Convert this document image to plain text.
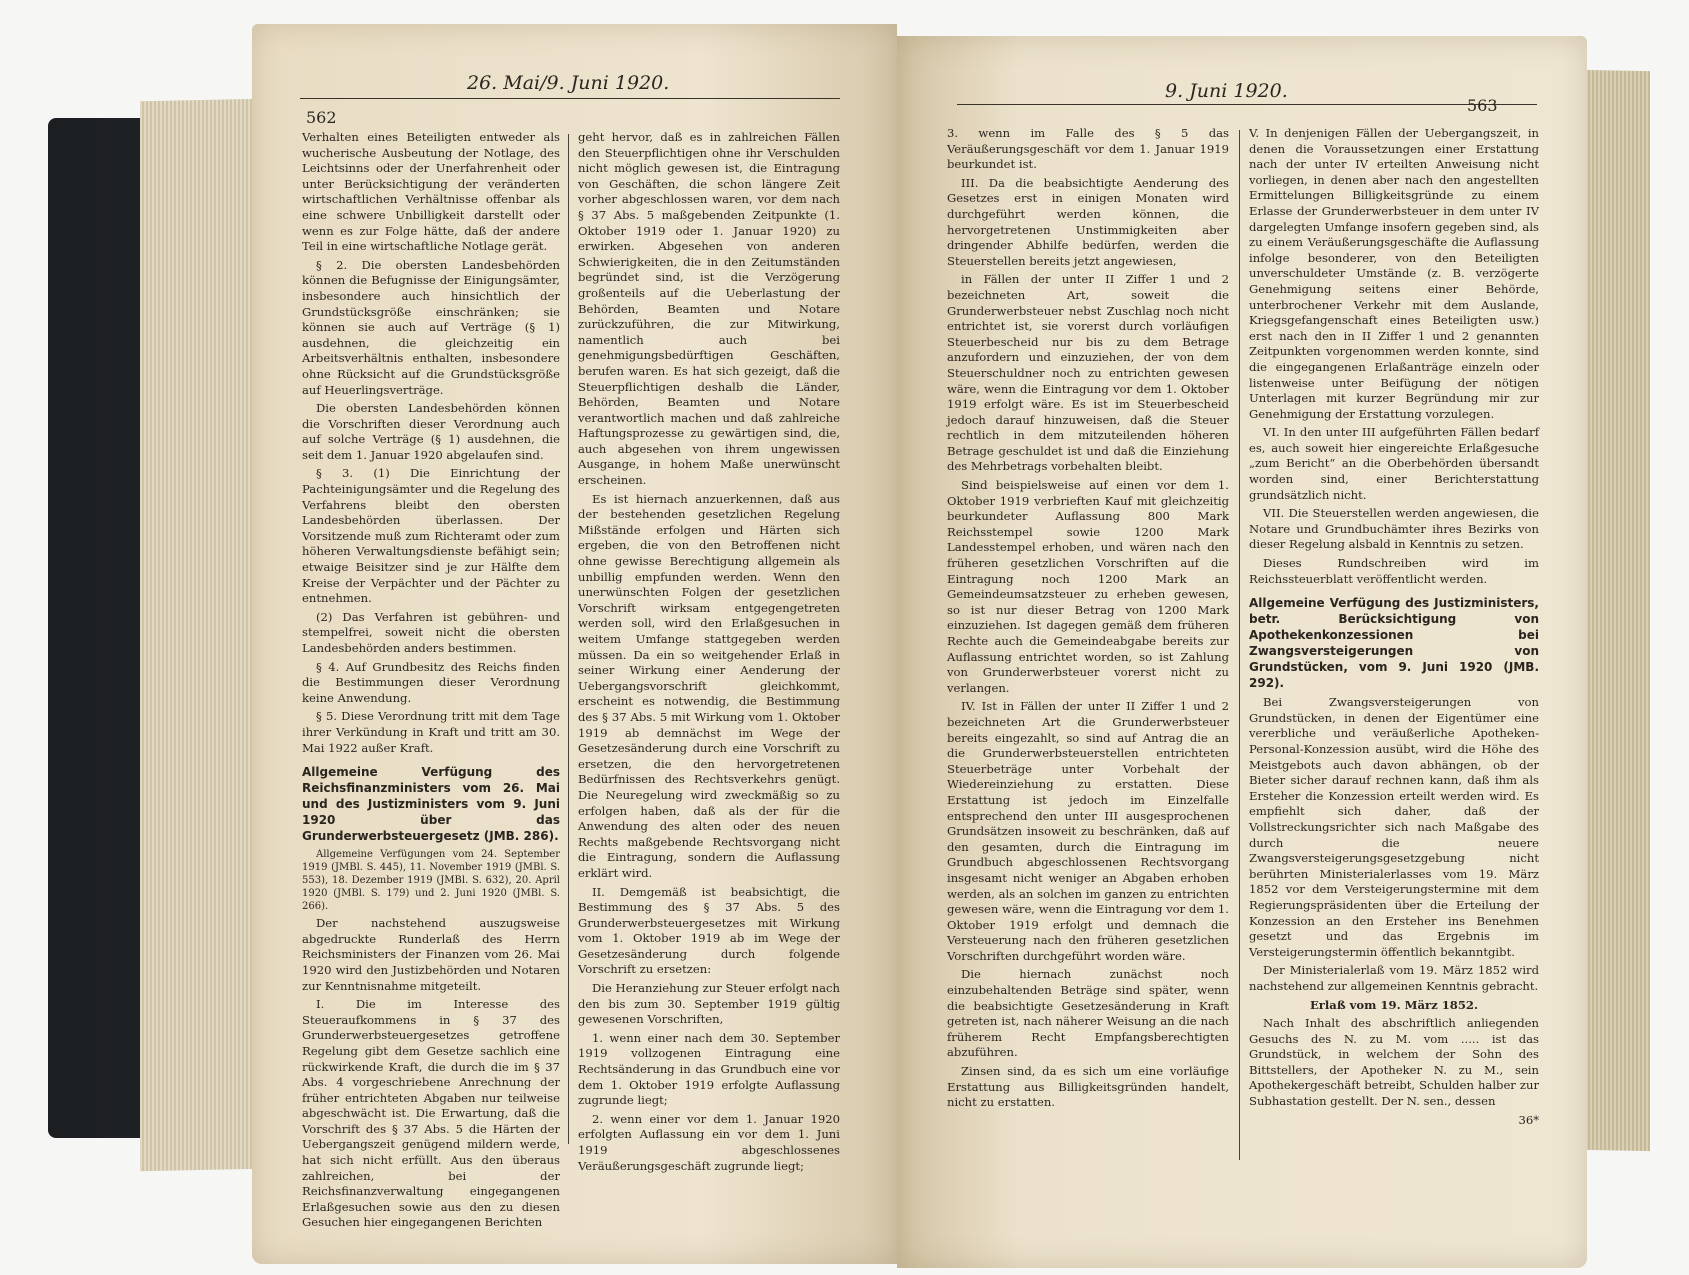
26. Mai/9. Juni 1920.
562

Verhalten eines Beteiligten entweder als wucherische Ausbeutung der Notlage, des Leichtsinns oder der Unerfahrenheit oder unter Berücksichtigung der veränderten wirtschaftlichen Verhältnisse offenbar als eine schwere Unbilligkeit darstellt oder wenn es zur Folge hätte, daß der andere Teil in eine wirtschaftliche Notlage gerät.

§ 2. Die obersten Landesbehörden können die Befugnisse der Einigungsämter, insbesondere auch hinsichtlich der Grundstücksgröße einschränken; sie können sie auch auf Verträge (§ 1) ausdehnen, die gleichzeitig ein Arbeitsverhältnis enthalten, insbesondere ohne Rücksicht auf die Grundstücksgröße auf Heuerlingsverträge.

Die obersten Landesbehörden können die Vorschriften dieser Verordnung auch auf solche Verträge (§ 1) ausdehnen, die seit dem 1. Januar 1920 abgelaufen sind.

§ 3. (1) Die Einrichtung der Pachteinigungsämter und die Regelung des Verfahrens bleibt den obersten Landesbehörden überlassen. Der Vorsitzende muß zum Richteramt oder zum höheren Verwaltungsdienste befähigt sein; etwaige Beisitzer sind je zur Hälfte dem Kreise der Verpächter und der Pächter zu entnehmen.

(2) Das Verfahren ist gebühren- und stempelfrei, soweit nicht die obersten Landesbehörden anders bestimmen.

§ 4. Auf Grundbesitz des Reichs finden die Bestimmungen dieser Verordnung keine Anwendung.

§ 5. Diese Verordnung tritt mit dem Tage ihrer Verkündung in Kraft und tritt am 30. Mai 1922 außer Kraft.

Allgemeine Verfügung des Reichsfinanzministers vom 26. Mai und des Justizministers vom 9. Juni 1920 über das Grunderwerbsteuergesetz (JMB. 286).

Allgemeine Verfügungen vom 24. September 1919 (JMBl. S. 445), 11. November 1919 (JMBl. S. 553), 18. Dezember 1919 (JMBl. S. 632), 20. April 1920 (JMBl. S. 179) und 2. Juni 1920 (JMBl. S. 266).

Der nachstehend auszugsweise abgedruckte Runderlaß des Herrn Reichsministers der Finanzen vom 26. Mai 1920 wird den Justizbehörden und Notaren zur Kenntnisnahme mitgeteilt.

I. Die im Interesse des Steueraufkommens in § 37 des Grunderwerbsteuergesetzes getroffene Regelung gibt dem Gesetze sachlich eine rückwirkende Kraft, die durch die im § 37 Abs. 4 vorgeschriebene Anrechnung der früher entrichteten Abgaben nur teilweise abgeschwächt ist. Die Erwartung, daß die Vorschrift des § 37 Abs. 5 die Härten der Uebergangszeit genügend mildern werde, hat sich nicht erfüllt. Aus den überaus zahlreichen, bei der Reichsfinanzverwaltung eingegangenen Erlaßgesuchen sowie aus den zu diesen Gesuchen hier eingegangenen Berichten

geht hervor, daß es in zahlreichen Fällen den Steuerpflichtigen ohne ihr Verschulden nicht möglich gewesen ist, die Eintragung von Geschäften, die schon längere Zeit vorher abgeschlossen waren, vor dem nach § 37 Abs. 5 maßgebenden Zeitpunkte (1. Oktober 1919 oder 1. Januar 1920) zu erwirken. Abgesehen von anderen Schwierigkeiten, die in den Zeitumständen begründet sind, ist die Verzögerung großenteils auf die Ueberlastung der Behörden, Beamten und Notare zurückzuführen, die zur Mitwirkung, namentlich auch bei genehmigungsbedürftigen Geschäften, berufen waren. Es hat sich gezeigt, daß die Steuerpflichtigen deshalb die Länder, Behörden, Beamten und Notare verantwortlich machen und daß zahlreiche Haftungsprozesse zu gewärtigen sind, die, auch abgesehen von ihrem ungewissen Ausgange, in hohem Maße unerwünscht erscheinen.

Es ist hiernach anzuerkennen, daß aus der bestehenden gesetzlichen Regelung Mißstände erfolgen und Härten sich ergeben, die von den Betroffenen nicht ohne gewisse Berechtigung allgemein als unbillig empfunden werden. Wenn den unerwünschten Folgen der gesetzlichen Vorschrift wirksam entgegengetreten werden soll, wird den Erlaßgesuchen in weitem Umfange stattgegeben werden müssen. Da ein so weitgehender Erlaß in seiner Wirkung einer Aenderung der Uebergangsvorschrift gleichkommt, erscheint es notwendig, die Bestimmung des § 37 Abs. 5 mit Wirkung vom 1. Oktober 1919 ab demnächst im Wege der Gesetzesänderung durch eine Vorschrift zu ersetzen, die den hervorgetretenen Bedürfnissen des Rechtsverkehrs genügt. Die Neuregelung wird zweckmäßig so zu erfolgen haben, daß als der für die Anwendung des alten oder des neuen Rechts maßgebende Rechtsvorgang nicht die Eintragung, sondern die Auflassung erklärt wird.

II. Demgemäß ist beabsichtigt, die Bestimmung des § 37 Abs. 5 des Grunderwerbsteuergesetzes mit Wirkung vom 1. Oktober 1919 ab im Wege der Gesetzesänderung durch folgende Vorschrift zu ersetzen:

Die Heranziehung zur Steuer erfolgt nach den bis zum 30. September 1919 gültig gewesenen Vorschriften,

1. wenn einer nach dem 30. September 1919 vollzogenen Eintragung eine Rechtsänderung in das Grundbuch eine vor dem 1. Oktober 1919 erfolgte Auflassung zugrunde liegt;

2. wenn einer vor dem 1. Januar 1920 erfolgten Auflassung ein vor dem 1. Juni 1919 abgeschlossenes Veräußerungsgeschäft zugrunde liegt;

9. Juni 1920.
563

3. wenn im Falle des § 5 das Veräußerungsgeschäft vor dem 1. Januar 1919 beurkundet ist.

III. Da die beabsichtigte Aenderung des Gesetzes erst in einigen Monaten wird durchgeführt werden können, die hervorgetretenen Unstimmigkeiten aber dringender Abhilfe bedürfen, werden die Steuerstellen bereits jetzt angewiesen,

in Fällen der unter II Ziffer 1 und 2 bezeichneten Art, soweit die Grunderwerbsteuer nebst Zuschlag noch nicht entrichtet ist, sie vorerst durch vorläufigen Steuerbescheid nur bis zu dem Betrage anzufordern und einzuziehen, der von dem Steuerschuldner noch zu entrichten gewesen wäre, wenn die Eintragung vor dem 1. Oktober 1919 erfolgt wäre. Es ist im Steuerbescheid jedoch darauf hinzuweisen, daß die Steuer rechtlich in dem mitzuteilenden höheren Betrage geschuldet ist und daß die Einziehung des Mehrbetrags vorbehalten bleibt.

Sind beispielsweise auf einen vor dem 1. Oktober 1919 verbrieften Kauf mit gleichzeitig beurkundeter Auflassung 800 Mark Reichsstempel sowie 1200 Mark Landesstempel erhoben, und wären nach den früheren gesetzlichen Vorschriften auf die Eintragung noch 1200 Mark an Gemeindeumsatzsteuer zu erheben gewesen, so ist nur dieser Betrag von 1200 Mark einzuziehen. Ist dagegen gemäß dem früheren Rechte auch die Gemeindeabgabe bereits zur Auflassung entrichtet worden, so ist Zahlung von Grunderwerbsteuer vorerst nicht zu verlangen.

IV. Ist in Fällen der unter II Ziffer 1 und 2 bezeichneten Art die Grunderwerbsteuer bereits eingezahlt, so sind auf Antrag die an die Grunderwerbsteuerstellen entrichteten Steuerbeträge unter Vorbehalt der Wiedereinziehung zu erstatten. Diese Erstattung ist jedoch im Einzelfalle entsprechend den unter III ausgesprochenen Grundsätzen insoweit zu beschränken, daß auf den gesamten, durch die Eintragung im Grundbuch abgeschlossenen Rechtsvorgang insgesamt nicht weniger an Abgaben erhoben werden, als an solchen im ganzen zu entrichten gewesen wäre, wenn die Eintragung vor dem 1. Oktober 1919 erfolgt und demnach die Versteuerung nach den früheren gesetzlichen Vorschriften durchgeführt worden wäre.

Die hiernach zunächst noch einzubehaltenden Beträge sind später, wenn die beabsichtigte Gesetzesänderung in Kraft getreten ist, nach näherer Weisung an die nach früherem Recht Empfangsberechtigten abzuführen.

Zinsen sind, da es sich um eine vorläufige Erstattung aus Billigkeitsgründen handelt, nicht zu erstatten.

V. In denjenigen Fällen der Uebergangszeit, in denen die Voraussetzungen einer Erstattung nach der unter IV erteilten Anweisung nicht vorliegen, in denen aber nach den angestellten Ermittelungen Billigkeitsgründe zu einem Erlasse der Grunderwerbsteuer in dem unter IV dargelegten Umfange insofern gegeben sind, als zu einem Veräußerungsgeschäfte die Auflassung infolge besonderer, von den Beteiligten unverschuldeter Umstände (z. B. verzögerte Genehmigung seitens einer Behörde, unterbrochener Verkehr mit dem Auslande, Kriegsgefangenschaft eines Beteiligten usw.) erst nach den in II Ziffer 1 und 2 genannten Zeitpunkten vorgenommen werden konnte, sind die eingegangenen Erlaßanträge einzeln oder listenweise unter Beifügung der nötigen Unterlagen mit kurzer Begründung mir zur Genehmigung der Erstattung vorzulegen.

VI. In den unter III aufgeführten Fällen bedarf es, auch soweit hier eingereichte Erlaßgesuche „zum Bericht“ an die Oberbehörden übersandt worden sind, einer Berichterstattung grundsätzlich nicht.

VII. Die Steuerstellen werden angewiesen, die Notare und Grundbuchämter ihres Bezirks von dieser Regelung alsbald in Kenntnis zu setzen.

Dieses Rundschreiben wird im Reichssteuerblatt veröffentlicht werden.

Allgemeine Verfügung des Justizministers, betr. Berücksichtigung von Apothekenkonzessionen bei Zwangsversteigerungen von Grundstücken, vom 9. Juni 1920 (JMB. 292).

Bei Zwangsversteigerungen von Grundstücken, in denen der Eigentümer eine vererbliche und veräußerliche Apotheken-Personal-Konzession ausübt, wird die Höhe des Meistgebots auch davon abhängen, ob der Bieter sicher darauf rechnen kann, daß ihm als Ersteher die Konzession erteilt werden wird. Es empfiehlt sich daher, daß der Vollstreckungsrichter sich nach Maßgabe des durch die neuere Zwangsversteigerungsgesetzgebung nicht berührten Ministerialerlasses vom 19. März 1852 vor dem Versteigerungstermine mit dem Regierungspräsidenten über die Erteilung der Konzession an den Ersteher ins Benehmen gesetzt und das Ergebnis im Versteigerungstermin öffentlich bekanntgibt.

Der Ministerialerlaß vom 19. März 1852 wird nachstehend zur allgemeinen Kenntnis gebracht.

Erlaß vom 19. März 1852.

Nach Inhalt des abschriftlich anliegenden Gesuchs des N. zu M. vom ..... ist das Grundstück, in welchem der Sohn des Bittstellers, der Apotheker N. zu M., sein Apothekergeschäft betreibt, Schulden halber zur Subhastation gestellt. Der N. sen., dessen

36*
